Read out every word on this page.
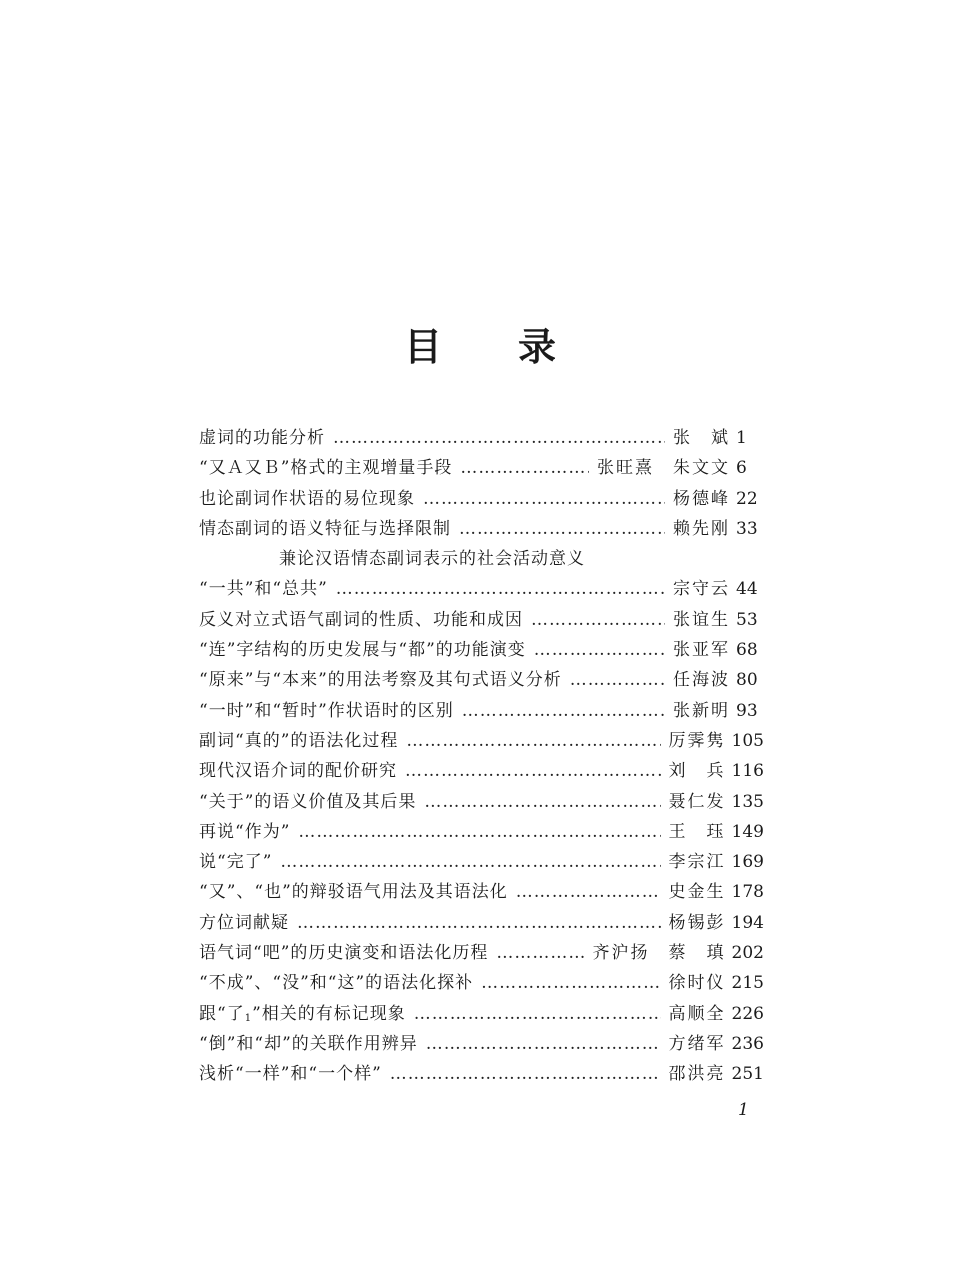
目 录
虚词的功能分析 ……………………………………………………………………………………………………………………………………	张　斌 1
“又Ａ又Ｂ”格式的主观增量手段 ……………………………………………………………………………………………………………………………………	张旺熹　朱文文 6
也论副词作状语的易位现象 ……………………………………………………………………………………………………………………………………	杨德峰 22
情态副词的语义特征与选择限制 ……………………………………………………………………………………………………………………………………	赖先刚 33
兼论汉语情态副词表示的社会活动意义
“一共”和“总共” ……………………………………………………………………………………………………………………………………	宗守云 44
反义对立式语气副词的性质、功能和成因 ……………………………………………………………………………………………………………………………………	张谊生 53
“连”字结构的历史发展与“都”的功能演变 ……………………………………………………………………………………………………………………………………	张亚军 68
“原来”与“本来”的用法考察及其句式语义分析 ……………………………………………………………………………………………………………………………………	任海波 80
“一时”和“暂时”作状语时的区别 ……………………………………………………………………………………………………………………………………	张新明 93
副词“真的”的语法化过程 ……………………………………………………………………………………………………………………………………	厉霁隽 105
现代汉语介词的配价研究 ……………………………………………………………………………………………………………………………………	刘　兵 116
“关于”的语义价值及其后果 ……………………………………………………………………………………………………………………………………	聂仁发 135
再说“作为” ……………………………………………………………………………………………………………………………………	王　珏 149
说“完了” ……………………………………………………………………………………………………………………………………	李宗江 169
“又”、“也”的辩驳语气用法及其语法化 ……………………………………………………………………………………………………………………………………	史金生 178
方位词献疑 ……………………………………………………………………………………………………………………………………	杨锡彭 194
语气词“吧”的历史演变和语法化历程 ……………………………………………………………………………………………………………………………………	齐沪扬　蔡　瑱 202
“不成”、“没”和“这”的语法化探补 ……………………………………………………………………………………………………………………………………	徐时仪 215
跟“了$_1$”相关的有标记现象 ……………………………………………………………………………………………………………………………………	高顺全 226
“倒”和“却”的关联作用辨异 ……………………………………………………………………………………………………………………………………	方绪军 236
浅析“一样”和“一个样” ……………………………………………………………………………………………………………………………………	邵洪亮 251
1
